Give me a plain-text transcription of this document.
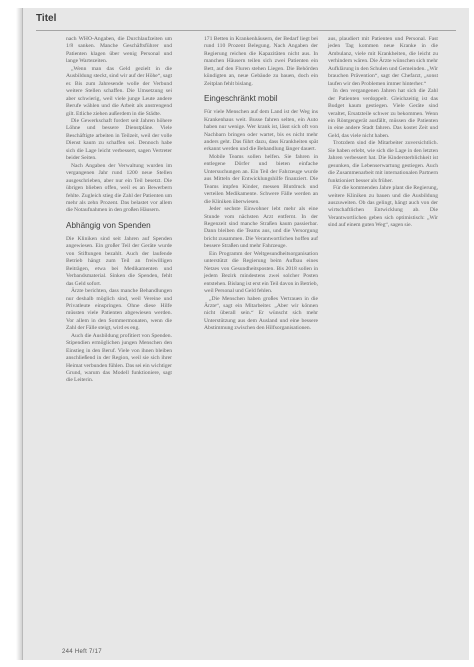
Titel

nach WHO-Angaben, die Durchlaufzeiten um 1/8 sanken. Manche Geschäftsführer und Patienten klagen über wenig Personal und lange Wartezeiten.

„Wenn man das Geld gezielt in die Ausbildung steckt, sind wir auf der Höhe“, sagt er. Bis zum Jahresende wolle der Verbund weitere Stellen schaffen. Die Umsetzung sei aber schwierig, weil viele junge Leute andere Berufe wählen und die Arbeit als anstrengend gilt. Etliche ziehen außerdem in die Städte.

Die Gewerkschaft fordert seit Jahren höhere Löhne und bessere Dienstpläne. Viele Beschäftigte arbeiten in Teilzeit, weil der volle Dienst kaum zu schaffen sei. Dennoch habe sich die Lage leicht verbessert, sagen Vertreter beider Seiten.

Nach Angaben der Verwaltung wurden im vergangenen Jahr rund 1200 neue Stellen ausgeschrieben, aber nur ein Teil besetzt. Die übrigen blieben offen, weil es an Bewerbern fehlte. Zugleich stieg die Zahl der Patienten um mehr als zehn Prozent. Das belastet vor allem die Notaufnahmen in den großen Häusern.

Abhängig von Spenden

Die Kliniken sind seit Jahren auf Spenden angewiesen. Ein großer Teil der Geräte wurde von Stiftungen bezahlt. Auch der laufende Betrieb hängt zum Teil an freiwilligen Beiträgen, etwa bei Medikamenten und Verbandsmaterial. Sinken die Spenden, fehlt das Geld sofort.

Ärzte berichten, dass manche Behandlungen nur deshalb möglich sind, weil Vereine und Privatleute einspringen. Ohne diese Hilfe müssten viele Patienten abgewiesen werden. Vor allem in den Sommermonaten, wenn die Zahl der Fälle steigt, wird es eng.

Auch die Ausbildung profitiert von Spenden. Stipendien ermöglichen jungen Menschen den Einstieg in den Beruf. Viele von ihnen bleiben anschließend in der Region, weil sie sich ihrer Heimat verbunden fühlen. Das sei ein wichtiger Grund, warum das Modell funktioniere, sagt die Leiterin.

171 Betten in Krankenhäusern, der Bedarf liegt bei rund 110 Prozent Belegung. Nach Angaben der Regierung reichen die Kapazitäten nicht aus. In manchen Häusern teilen sich zwei Patienten ein Bett, auf den Fluren stehen Liegen. Die Behörden kündigten an, neue Gebäude zu bauen, doch ein Zeitplan fehlt bislang.

Eingeschränkt mobil

Für viele Menschen auf dem Land ist der Weg ins Krankenhaus weit. Busse fahren selten, ein Auto haben nur wenige. Wer krank ist, lässt sich oft von Nachbarn bringen oder wartet, bis es nicht mehr anders geht. Das führt dazu, dass Krankheiten spät erkannt werden und die Behandlung länger dauert.

Mobile Teams sollen helfen. Sie fahren in entlegene Dörfer und bieten einfache Untersuchungen an. Ein Teil der Fahrzeuge wurde aus Mitteln der Entwicklungshilfe finanziert. Die Teams impfen Kinder, messen Blutdruck und verteilen Medikamente. Schwere Fälle werden an die Kliniken überwiesen.

Jeder sechste Einwohner lebt mehr als eine Stunde vom nächsten Arzt entfernt. In der Regenzeit sind manche Straßen kaum passierbar. Dann bleiben die Teams aus, und die Versorgung bricht zusammen. Die Verantwortlichen hoffen auf bessere Straßen und mehr Fahrzeuge.

Ein Programm der Weltgesundheitsorganisation unterstützt die Regierung beim Aufbau eines Netzes von Gesundheitsposten. Bis 2018 sollen in jedem Bezirk mindestens zwei solcher Posten entstehen. Bislang ist erst ein Teil davon in Betrieb, weil Personal und Geld fehlen.

„Die Menschen haben großes Vertrauen in die Ärzte“, sagt ein Mitarbeiter. „Aber wir können nicht überall sein.“ Er wünscht sich mehr Unterstützung aus dem Ausland und eine bessere Abstimmung zwischen den Hilfsorganisationen.

aus, plaudiert mit Patienten und Personal. Fast jeden Tag kommen neue Kranke in die Ambulanz, viele mit Krankheiten, die leicht zu verhindern wären. Die Ärzte wünschen sich mehr Aufklärung in den Schulen und Gemeinden. „Wir brauchen Prävention“, sagt der Chefarzt, „sonst laufen wir den Problemen immer hinterher.“

In den vergangenen Jahren hat sich die Zahl der Patienten verdoppelt. Gleichzeitig ist das Budget kaum gestiegen. Viele Geräte sind veraltet, Ersatzteile schwer zu bekommen. Wenn ein Röntgengerät ausfällt, müssen die Patienten in eine andere Stadt fahren. Das kostet Zeit und Geld, das viele nicht haben.

Trotzdem sind die Mitarbeiter zuversichtlich. Sie haben erlebt, wie sich die Lage in den letzten Jahren verbessert hat. Die Kindersterblichkeit ist gesunken, die Lebenserwartung gestiegen. Auch die Zusammenarbeit mit internationalen Partnern funktioniert besser als früher.

Für die kommenden Jahre plant die Regierung, weitere Kliniken zu bauen und die Ausbildung auszuweiten. Ob das gelingt, hängt auch von der wirtschaftlichen Entwicklung ab. Die Verantwortlichen geben sich optimistisch: „Wir sind auf einem guten Weg“, sagen sie.

244 Heft 7/17
